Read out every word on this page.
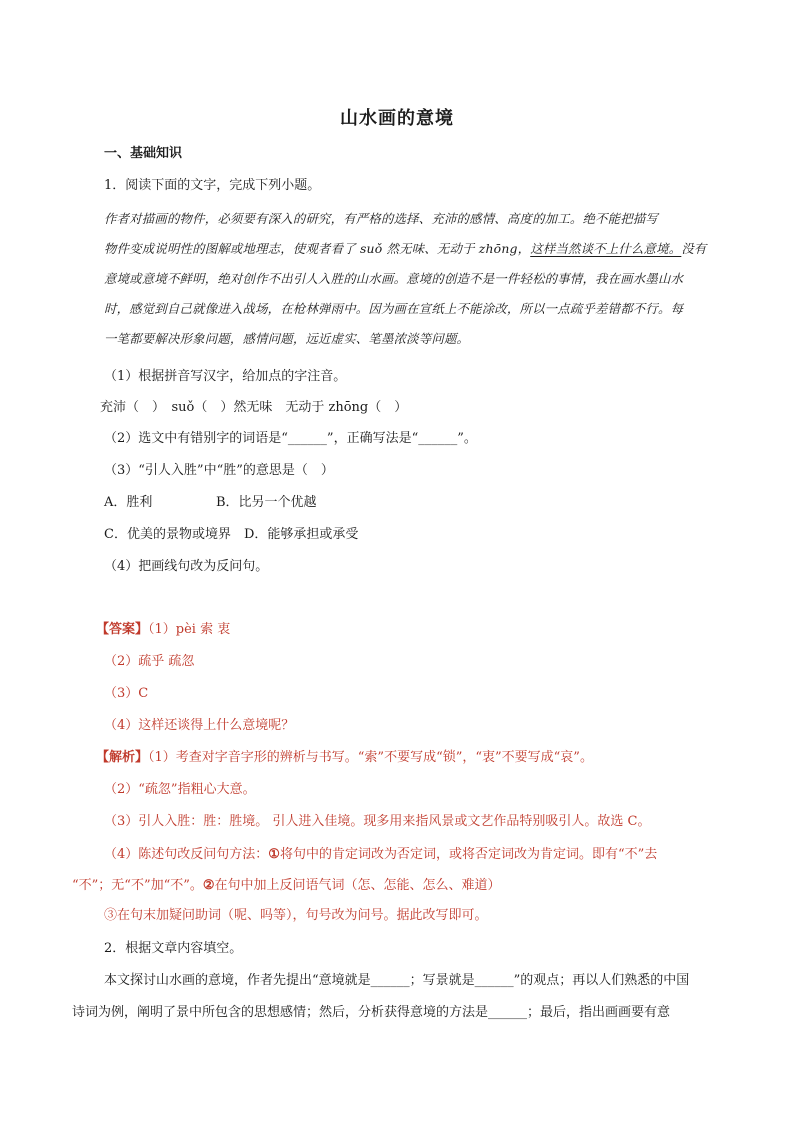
山水画的意境
一、基础知识
1．阅读下面的文字，完成下列小题。
作者对描画的物件，必须要有深入的研究，有严格的选择、充沛的感情、高度的加工。绝不能把描写
物件变成说明性的图解或地理志，使观者看了 suǒ 然无味、无动于 zhōng，这样当然谈不上什么意境。没有
意境或意境不鲜明，绝对创作不出引人入胜的山水画。意境的创造不是一件轻松的事情，我在画水墨山水
时，感觉到自己就像进入战场，在枪林弹雨中。因为画在宣纸上不能涂改，所以一点疏乎差错都不行。每
一笔都要解决形象问题，感情问题，远近虚实、笔墨浓淡等问题。
（1）根据拼音写汉字，给加点的字注音。
充沛（　）　suǒ（　）然无味　无动于 zhōng（　）
（2）选文中有错别字的词语是“______”，正确写法是“______”。
（3）“引人入胜”中“胜”的意思是（　）
A．胜利	B．比另一个优越
C．优美的景物或境界 D．能够承担或承受
（4）把画线句改为反问句。
【答案】（1）pèi 索 衷
（2）疏乎 疏忽
（3）C
（4）这样还谈得上什么意境呢？
【解析】（1）考查对字音字形的辨析与书写。“索”不要写成“锁”，“衷”不要写成“哀”。
（2）“疏忽”指粗心大意。
（3）引人入胜：胜：胜境。 引人进入佳境。现多用来指风景或文艺作品特别吸引人。故选 C。
（4）陈述句改反问句方法：①将句中的肯定词改为否定词，或将否定词改为肯定词。即有“不”去
“不”；无“不”加“不”。②在句中加上反问语气词（怎、怎能、怎么、难道）
③在句末加疑问助词（呢、吗等），句号改为问号。据此改写即可。
2．根据文章内容填空。
本文探讨山水画的意境，作者先提出“意境就是______；写景就是______”的观点；再以人们熟悉的中国
诗词为例，阐明了景中所包含的思想感情；然后，分析获得意境的方法是______；最后，指出画画要有意
